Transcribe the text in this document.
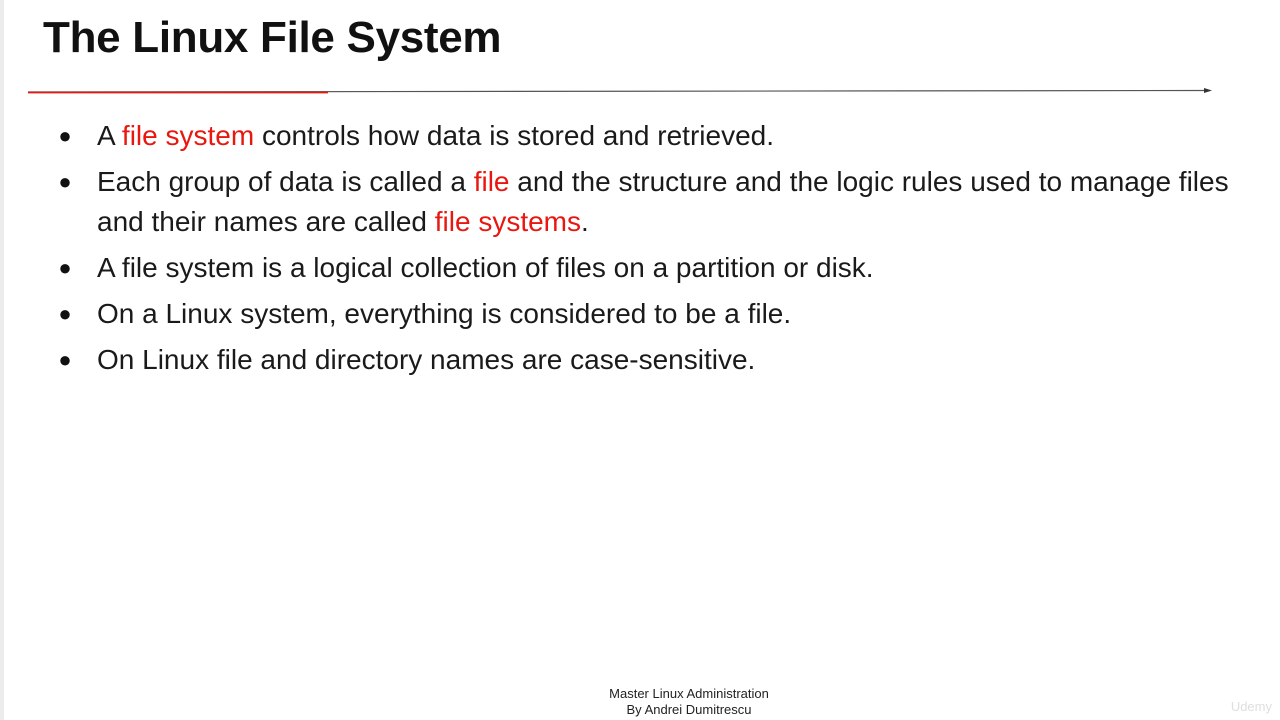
The Linux File System
● A file system controls how data is stored and retrieved.
● Each group of data is called a file and the structure and the logic rules used to manage files and their names are called file systems.
● A file system is a logical collection of files on a partition or disk.
● On a Linux system, everything is considered to be a file.
● On Linux file and directory names are case-sensitive.
Master Linux Administration
By Andrei Dumitrescu	Udemy
